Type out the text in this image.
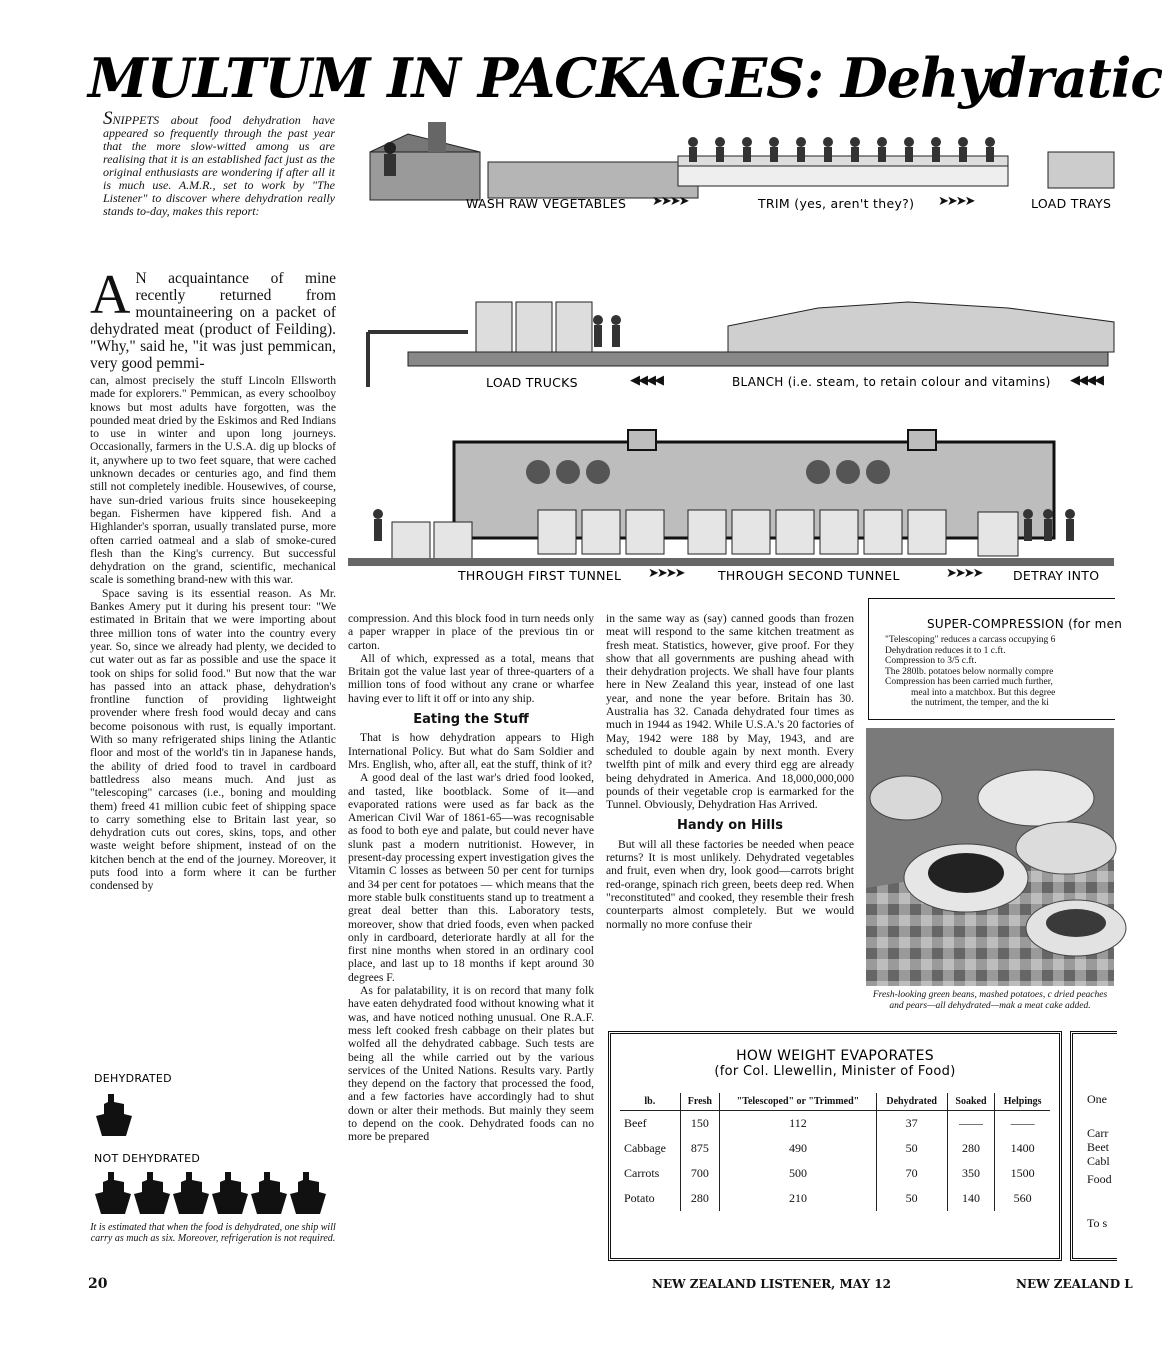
MULTUM IN PACKAGES: Dehydratic
SNIPPETS about food dehydration have appeared so frequently through the past year that the more slow-witted among us are realising that it is an established fact just as the original enthusiasts are wondering if after all it is much use. A.M.R., set to work by "The Listener" to discover where dehydration really stands to-day, makes this report:
A N acquaintance of mine recently returned from mountaineering on a packet of dehydrated meat (product of Feilding). "Why," said he, "it was just pemmican, very good pemmi-

can, almost precisely the stuff Lincoln Ellsworth made for explorers." Pemmican, as every schoolboy knows but most adults have forgotten, was the pounded meat dried by the Eskimos and Red Indians to use in winter and upon long journeys. Occasionally, farmers in the U.S.A. dig up blocks of it, anywhere up to two feet square, that were cached unknown decades or centuries ago, and find them still not completely inedible. Housewives, of course, have sun-dried various fruits since housekeeping began. Fishermen have kippered fish. And a Highlander's sporran, usually translated purse, more often carried oatmeal and a slab of smoke-cured flesh than the King's currency. But successful dehydration on the grand, scientific, mechanical scale is something brand-new with this war.

Space saving is its essential reason. As Mr. Bankes Amery put it during his present tour: "We estimated in Britain that we were importing about three million tons of water into the country every year. So, since we already had plenty, we decided to cut water out as far as possible and use the space it took on ships for solid food." But now that the war has passed into an attack phase, dehydration's frontline function of providing lightweight provender where fresh food would decay and cans become poisonous with rust, is equally important. With so many refrigerated ships lining the Atlantic floor and most of the world's tin in Japanese hands, the ability of dried food to travel in cardboard battledress also means much. And just as "telescoping" carcases (i.e., boning and moulding them) freed 41 million cubic feet of shipping space to carry something else to Britain last year, so dehydration cuts out cores, skins, tops, and other waste weight before shipment, instead of on the kitchen bench at the end of the journey. Moreover, it puts food into a form where it can be further condensed by

DEHYDRATED
NOT DEHYDRATED
It is estimated that when the food is dehydrated, one ship will carry as much as six. Moreover, refrigeration is not required.
WASH RAW VEGETABLES ➤➤➤➤	TRIM (yes, aren't they?) ➤➤➤➤	LOAD TRAYS
LOAD TRUCKS	◀◀◀◀	BLANCH (i.e. steam, to retain colour and vitamins) ◀◀◀◀
THROUGH FIRST TUNNEL ➤➤➤➤	THROUGH SECOND TUNNEL	➤➤➤➤	DETRAY INTO

compression. And this block food in turn needs only a paper wrapper in place of the previous tin or carton.

All of which, expressed as a total, means that Britain got the value last year of three-quarters of a million tons of food without any crane or wharfee having ever to lift it off or into any ship.

Eating the Stuff

That is how dehydration appears to High International Policy. But what do Sam Soldier and Mrs. English, who, after all, eat the stuff, think of it?

A good deal of the last war's dried food looked, and tasted, like bootblack. Some of it—and evaporated rations were used as far back as the American Civil War of 1861-65—was recognisable as food to both eye and palate, but could never have slunk past a modern nutritionist. However, in present-day processing expert investigation gives the Vitamin C losses as between 50 per cent for turnips and 34 per cent for potatoes — which means that the more stable bulk constituents stand up to treatment a great deal better than this. Laboratory tests, moreover, show that dried foods, even when packed only in cardboard, deteriorate hardly at all for the first nine months when stored in an ordinary cool place, and last up to 18 months if kept around 30 degrees F.

As for palatability, it is on record that many folk have eaten dehydrated food without knowing what it was, and have noticed nothing unusual. One R.A.F. mess left cooked fresh cabbage on their plates but wolfed all the dehydrated cabbage. Such tests are being all the while carried out by the various services of the United Nations. Results vary. Partly they depend on the factory that processed the food, and a few factories have accordingly had to shut down or alter their methods. But mainly they seem to depend on the cook. Dehydrated foods can no more be prepared

in the same way as (say) canned goods than frozen meat will respond to the same kitchen treatment as fresh meat. Statistics, however, give proof. For they show that all governments are pushing ahead with their dehydration projects. We shall have four plants here in New Zealand this year, instead of one last year, and none the year before. Britain has 30. Australia has 32. Canada dehydrated four times as much in 1944 as 1942. While U.S.A.'s 20 factories of May, 1942 were 188 by May, 1943, and are scheduled to double again by next month. Every twelfth pint of milk and every third egg are already being dehydrated in America. And 18,000,000,000 pounds of their vegetable crop is earmarked for the Tunnel. Obviously, Dehydration Has Arrived.

Handy on Hills

But will all these factories be needed when peace returns? It is most unlikely. Dehydrated vegetables and fruit, even when dry, look good—carrots bright red-orange, spinach rich green, beets deep red. When "reconstituted" and cooked, they resemble their fresh counterparts almost completely. But we would normally no more confuse their

SUPER-COMPRESSION (for men
"Telescoping" reduces a carcass occupying 6
Dehydration reduces it to 1 c.ft.
Compression to 3/5 c.ft.
The 280lb. potatoes below normally compre
Compression has been carried much further,
meal into a matchbox. But this degree
the nutriment, the temper, and the ki
Fresh-looking green beans, mashed potatoes, c dried peaches and pears—all dehydrated—mak a meat cake added.
HOW WEIGHT EVAPORATES
(for Col. Llewellin, Minister of Food)
lb.	Fresh	"Telescoped" or "Trimmed"	Dehydrated	Soaked	Helpings
Beef	150	112	37	——	——
Cabbage	875	490	50	280	1400
Carrots	700	500	70	350	1500
Potato	280	210	50	140	560
One
Carr
Beet
Cabl
Food
To s
20	NEW ZEALAND LISTENER, MAY 12	NEW ZEALAND L
